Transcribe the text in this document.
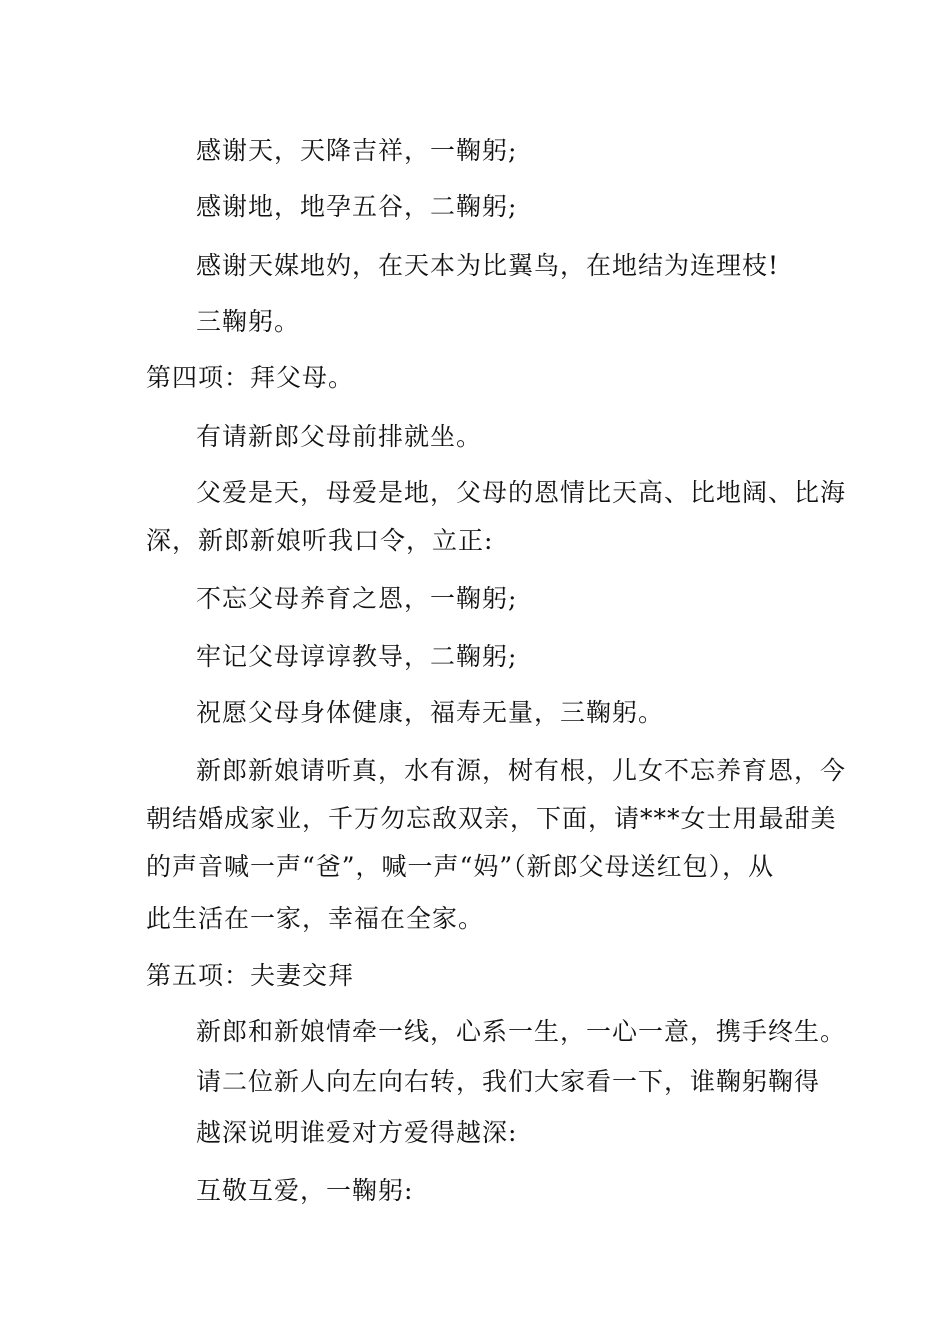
感谢天，天降吉祥，一鞠躬;
感谢地，地孕五谷，二鞠躬;
感谢天媒地妁，在天本为比翼鸟，在地结为连理枝!
三鞠躬。
第四项：拜父母。
有请新郎父母前排就坐。
父爱是天，母爱是地，父母的恩情比天高、比地阔、比海
深，新郎新娘听我口令，立正:
不忘父母养育之恩，一鞠躬;
牢记父母谆谆教导，二鞠躬;
祝愿父母身体健康，福寿无量，三鞠躬。
新郎新娘请听真，水有源，树有根，儿女不忘养育恩，今
朝结婚成家业，千万勿忘敌双亲，下面，请***女士用最甜美
的声音喊一声“爸”，喊一声“妈”（新郎父母送红包），从
此生活在一家，幸福在全家。
第五项：夫妻交拜
新郎和新娘情牵一线，心系一生，一心一意，携手终生。
请二位新人向左向右转，我们大家看一下，谁鞠躬鞠得
越深说明谁爱对方爱得越深:
互敬互爱，一鞠躬:
